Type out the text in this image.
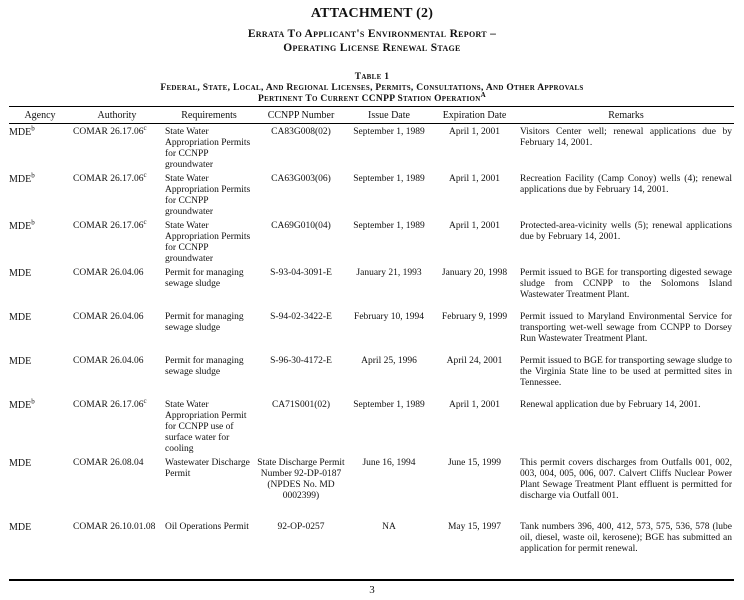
ATTACHMENT (2)
Errata To Applicant's Environmental Report –
Operating License Renewal Stage
Table 1
Federal, State, Local, And Regional Licenses, Permits, Consultations, And Other Approvals
Pertinent To Current CCNPP Station Operation$^A$
Agency	Authority	Requirements	CCNPP Number	Issue Date	Expiration Date	Remarks
MDE$^b$	COMAR 26.17.06$^c$	State Water Appropriation Permits for CCNPP groundwater	CA83G008(02)	September 1, 1989	April 1, 2001	Visitors Center well; renewal applications due by February 14, 2001.
MDE$^b$	COMAR 26.17.06$^c$	State Water Appropriation Permits for CCNPP groundwater	CA63G003(06)	September 1, 1989	April 1, 2001	Recreation Facility (Camp Conoy) wells (4); renewal applications due by February 14, 2001.
MDE$^b$	COMAR 26.17.06$^c$	State Water Appropriation Permits for CCNPP groundwater	CA69G010(04)	September 1, 1989	April 1, 2001	Protected-area-vicinity wells (5); renewal applications due by February 14, 2001.
MDE	COMAR 26.04.06	Permit for managing sewage sludge	S-93-04-3091-E	January 21, 1993	January 20, 1998	Permit issued to BGE for transporting digested sewage sludge from CCNPP to the Solomons Island Wastewater Treatment Plant.
MDE	COMAR 26.04.06	Permit for managing sewage sludge	S-94-02-3422-E	February 10, 1994	February 9, 1999	Permit issued to Maryland Environmental Service for transporting wet-well sewage from CCNPP to Dorsey Run Wastewater Treatment Plant.
MDE	COMAR 26.04.06	Permit for managing sewage sludge	S-96-30-4172-E	April 25, 1996	April 24, 2001	Permit issued to BGE for transporting sewage sludge to the Virginia State line to be used at permitted sites in Tennessee.
MDE$^b$	COMAR 26.17.06$^c$	State Water Appropriation Permit for CCNPP use of surface water for cooling	CA71S001(02)	September 1, 1989	April 1, 2001	Renewal application due by February 14, 2001.
MDE	COMAR 26.08.04	Wastewater Discharge Permit	State Discharge Permit Number 92-DP-0187 (NPDES No. MD 0002399)	June 16, 1994	June 15, 1999	This permit covers discharges from Outfalls 001, 002, 003, 004, 005, 006, 007. Calvert Cliffs Nuclear Power Plant Sewage Treatment Plant effluent is permitted for discharge via Outfall 001.
MDE	COMAR 26.10.01.08	Oil Operations Permit	92-OP-0257	NA	May 15, 1997	Tank numbers 396, 400, 412, 573, 575, 536, 578 (lube oil, diesel, waste oil, kerosene); BGE has submitted an application for permit renewal.
3
